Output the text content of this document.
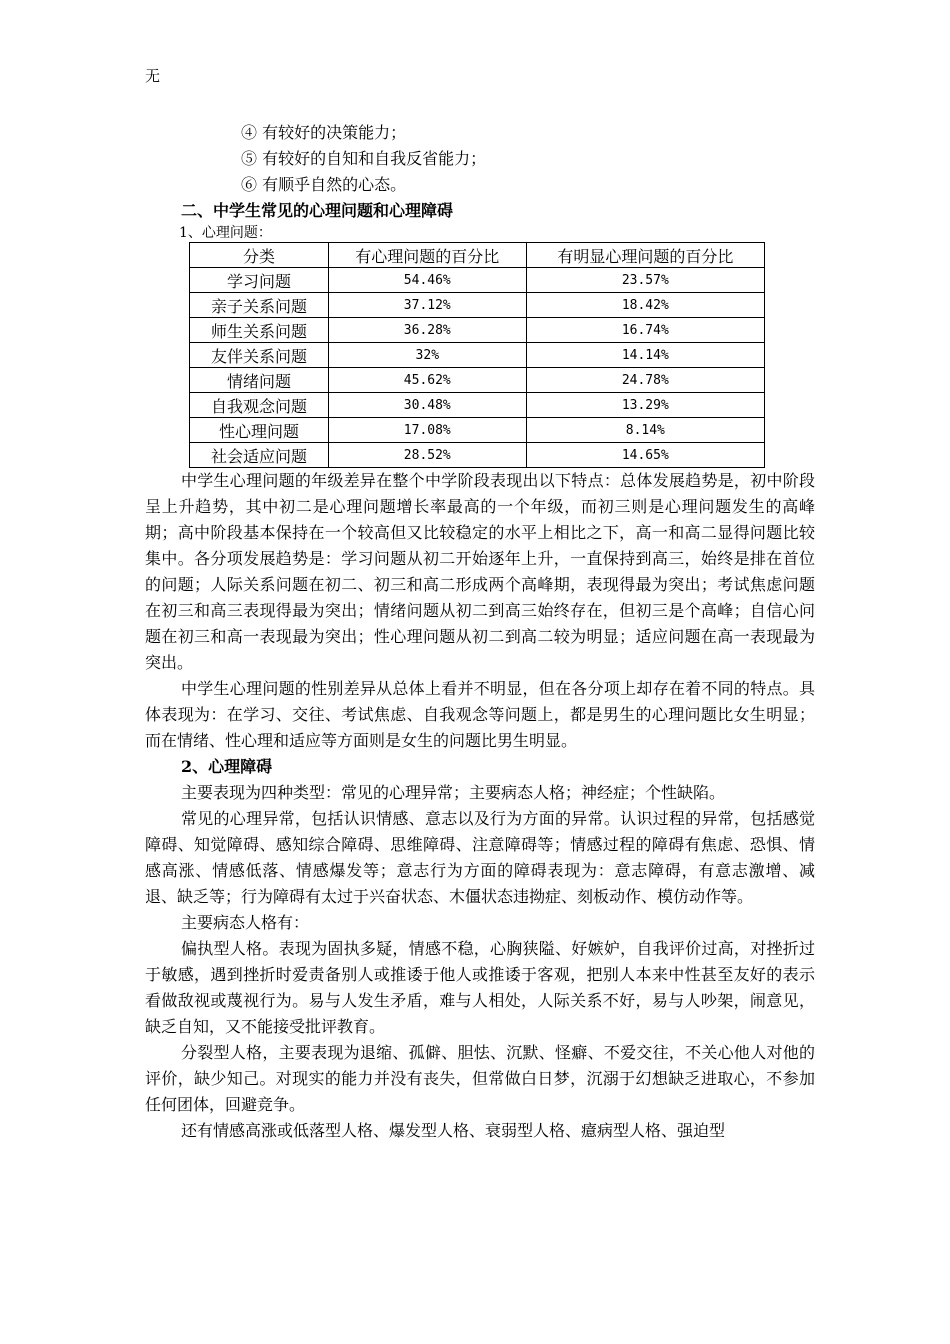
无
④ 有较好的决策能力；
⑤ 有较好的自知和自我反省能力；
⑥ 有顺乎自然的心态。
二、中学生常见的心理问题和心理障碍
1、心理问题：
分类	有心理问题的百分比	有明显心理问题的百分比
学习问题	54.46%	23.57%
亲子关系问题	37.12%	18.42%
师生关系问题	36.28%	16.74%
友伴关系问题	32%	14.14%
情绪问题	45.62%	24.78%
自我观念问题	30.48%	13.29%
性心理问题	17.08%	8.14%
社会适应问题	28.52%	14.65%

中学生心理问题的年级差异在整个中学阶段表现出以下特点：总体发展趋势是，初中阶段呈上升趋势，其中初二是心理问题增长率最高的一个年级，而初三则是心理问题发生的高峰期；高中阶段基本保持在一个较高但又比较稳定的水平上相比之下，高一和高二显得问题比较集中。各分项发展趋势是：学习问题从初二开始逐年上升，一直保持到高三，始终是排在首位的问题；人际关系问题在初二、初三和高二形成两个高峰期，表现得最为突出；考试焦虑问题在初三和高三表现得最为突出；情绪问题从初二到高三始终存在，但初三是个高峰；自信心问题在初三和高一表现最为突出；性心理问题从初二到高二较为明显；适应问题在高一表现最为突出。

中学生心理问题的性别差异从总体上看并不明显，但在各分项上却存在着不同的特点。具体表现为：在学习、交往、考试焦虑、自我观念等问题上，都是男生的心理问题比女生明显；而在情绪、性心理和适应等方面则是女生的问题比男生明显。

2、心理障碍

主要表现为四种类型：常见的心理异常；主要病态人格；神经症；个性缺陷。

常见的心理异常，包括认识情感、意志以及行为方面的异常。认识过程的异常，包括感觉障碍、知觉障碍、感知综合障碍、思维障碍、注意障碍等；情感过程的障碍有焦虑、恐惧、情感高涨、情感低落、情感爆发等；意志行为方面的障碍表现为：意志障碍，有意志激增、减退、缺乏等；行为障碍有太过于兴奋状态、木僵状态违拗症、刻板动作、模仿动作等。

主要病态人格有：

偏执型人格。表现为固执多疑，情感不稳，心胸狭隘、好嫉妒，自我评价过高，对挫折过于敏感，遇到挫折时爱责备别人或推诿于他人或推诿于客观，把别人本来中性甚至友好的表示看做敌视或蔑视行为。易与人发生矛盾，难与人相处，人际关系不好，易与人吵架，闹意见，缺乏自知，又不能接受批评教育。

分裂型人格，主要表现为退缩、孤僻、胆怯、沉默、怪癖、不爱交往，不关心他人对他的评价，缺少知己。对现实的能力并没有丧失，但常做白日梦，沉溺于幻想缺乏进取心，不参加任何团体，回避竞争。

还有情感高涨或低落型人格、爆发型人格、衰弱型人格、癔病型人格、强迫型
